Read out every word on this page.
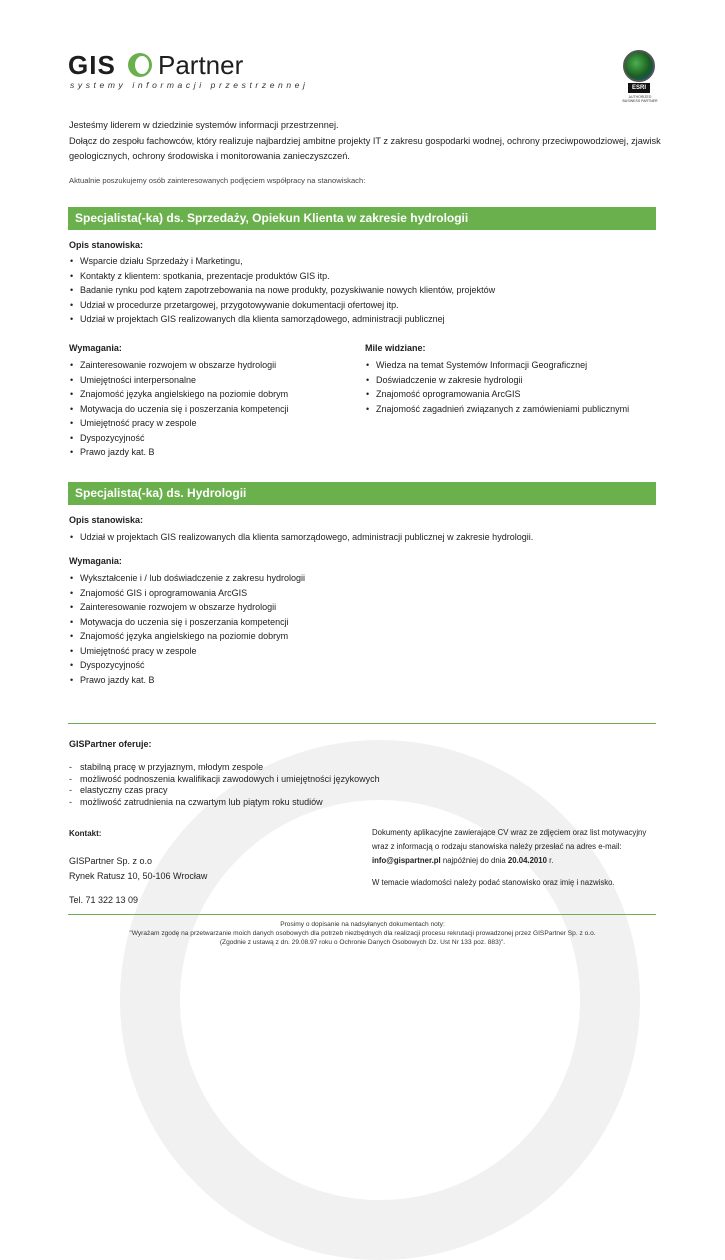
GIS Partner
systemy informacji przestrzennej	ESRI
AUTHORIZED BUSINESS PARTNER

Jesteśmy liderem w dziedzinie systemów informacji przestrzennej.

Dołącz do zespołu fachowców, który realizuje najbardziej ambitne projekty IT z zakresu gospodarki wodnej, ochrony przeciwpowodziowej, zjawisk geologicznych, ochrony środowiska i monitorowania zanieczyszczeń.

Aktualnie poszukujemy osób zainteresowanych podjęciem współpracy na stanowiskach:
Specjalista(-ka) ds. Sprzedaży, Opiekun Klienta w zakresie hydrologii
Opis stanowiska:
• Wsparcie działu Sprzedaży i Marketingu,
• Kontakty z klientem: spotkania, prezentacje produktów GIS itp.
• Badanie rynku pod kątem zapotrzebowania na nowe produkty, pozyskiwanie nowych klientów, projektów
• Udział w procedurze przetargowej, przygotowywanie dokumentacji ofertowej itp.
• Udział w projektach GIS realizowanych dla klienta samorządowego, administracji publicznej
Wymagania:
• Zainteresowanie rozwojem w obszarze hydrologii
• Umiejętności interpersonalne
• Znajomość języka angielskiego na poziomie dobrym
• Motywacja do uczenia się i poszerzania kompetencji
• Umiejętność pracy w zespole
• Dyspozycyjność
• Prawo jazdy kat. B
Mile widziane:
• Wiedza na temat Systemów Informacji Geograficznej
• Doświadczenie w zakresie hydrologii
• Znajomość oprogramowania ArcGIS
• Znajomość zagadnień związanych z zamówieniami publicznymi
Specjalista(-ka) ds. Hydrologii
Opis stanowiska:
• Udział w projektach GIS realizowanych dla klienta samorządowego, administracji publicznej w zakresie hydrologii.
Wymagania:
• Wykształcenie i / lub doświadczenie z zakresu hydrologii
• Znajomość GIS i oprogramowania ArcGIS
• Zainteresowanie rozwojem w obszarze hydrologii
• Motywacja do uczenia się i poszerzania kompetencji
• Znajomość języka angielskiego na poziomie dobrym
• Umiejętność pracy w zespole
• Dyspozycyjność
• Prawo jazdy kat. B
GISPartner oferuje:
- stabilną pracę w przyjaznym, młodym zespole
- możliwość podnoszenia kwalifikacji zawodowych i umiejętności językowych
- elastyczny czas pracy
- możliwość zatrudnienia na czwartym lub piątym roku studiów
Kontakt:
GISPartner Sp. z o.o
Rynek Ratusz 10, 50-106 Wrocław
Tel. 71 322 13 09

Dokumenty aplikacyjne zawierające CV wraz ze zdjęciem oraz list motywacyjny wraz z informacją o rodzaju stanowiska należy przesłać na adres e-mail: info@gispartner.pl najpóźniej do dnia 20.04.2010 r.

W temacie wiadomości należy podać stanowisko oraz imię i nazwisko.

Prosimy o dopisanie na nadsyłanych dokumentach noty:

"Wyrażam zgodę na przetwarzanie moich danych osobowych dla potrzeb niezbędnych dla realizacji procesu rekrutacji prowadzonej przez GISPartner Sp. z o.o.

(Zgodnie z ustawą z dn. 29.08.97 roku o Ochronie Danych Osobowych Dz. Ust Nr 133 poz. 883)".
